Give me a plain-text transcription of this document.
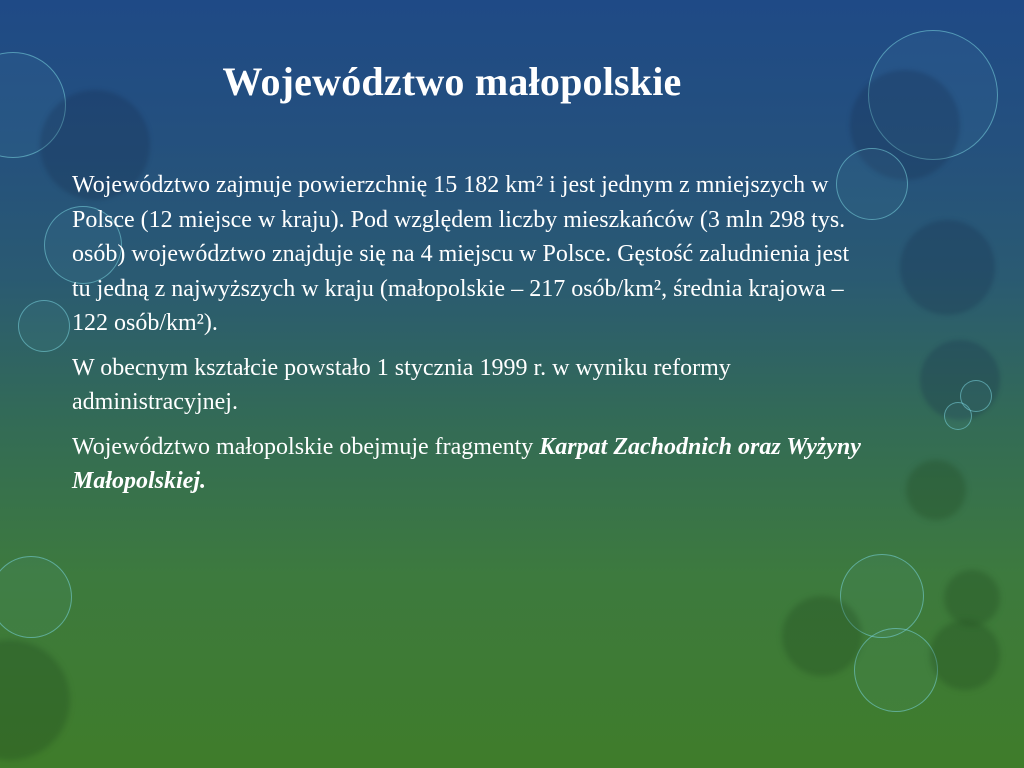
Województwo małopolskie

Województwo zajmuje powierzchnię 15 182 km² i jest jednym z mniejszych w Polsce (12 miejsce w kraju). Pod względem liczby mieszkańców (3 mln 298 tys. osób) województwo znajduje się na 4 miejscu w Polsce. Gęstość zaludnienia jest tu jedną z najwyższych w kraju (małopolskie – 217 osób/km², średnia krajowa – 122 osób/km²).

W obecnym kształcie powstało 1 stycznia 1999 r. w wyniku reformy administracyjnej.

Województwo małopolskie obejmuje fragmenty Karpat Zachodnich oraz Wyżyny Małopolskiej.
